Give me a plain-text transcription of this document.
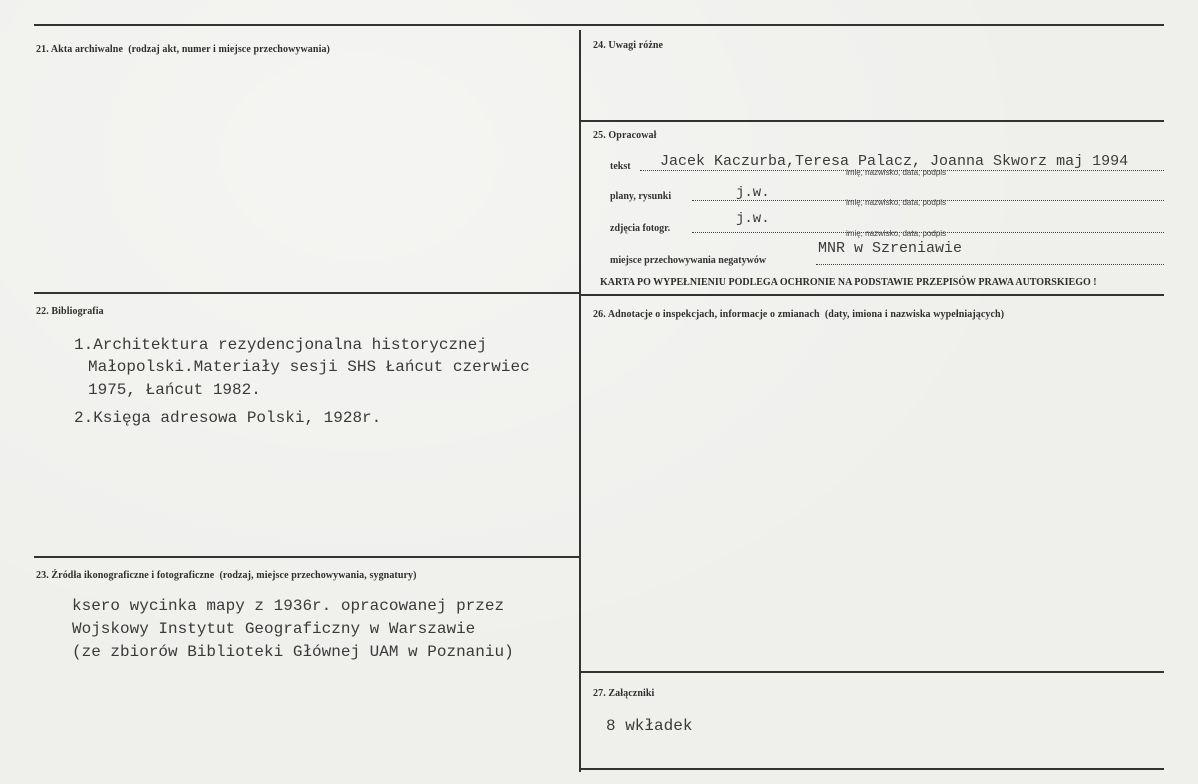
21. Akta archiwalne (rodzaj akt, numer i miejsce przechowywania)
22. Bibliografia
1.Architektura rezydencjonalna historycznej
Małopolski.Materiały sesji SHS Łańcut czerwiec
1975, Łańcut 1982.
2.Księga adresowa Polski, 1928r.
23. Źródła ikonograficzne i fotograficzne (rodzaj, miejsce przechowywania, sygnatury)
ksero wycinka mapy z 1936r. opracowanej przez
Wojskowy Instytut Geograficzny w Warszawie
(ze zbiorów Biblioteki Głównej UAM w Poznaniu)
24. Uwagi różne
25. Opracował
tekst Jacek Kaczurba,Teresa Palacz, Joanna Skworz maj 1994
imię, nazwisko, data, podpis
plany, rysunki	j.w.
imię, nazwisko, data, podpis
zdjęcia fotogr.
j.w.
imię, nazwisko, data, podpis
miejsce przechowywania negatywów
MNR w Szreniawie
KARTA PO WYPEŁNIENIU PODLEGA OCHRONIE NA PODSTAWIE PRZEPISÓW PRAWA AUTORSKIEGO !
26. Adnotacje o inspekcjach, informacje o zmianach (daty, imiona i nazwiska wypełniających)
27. Załączniki
8 wkładek
